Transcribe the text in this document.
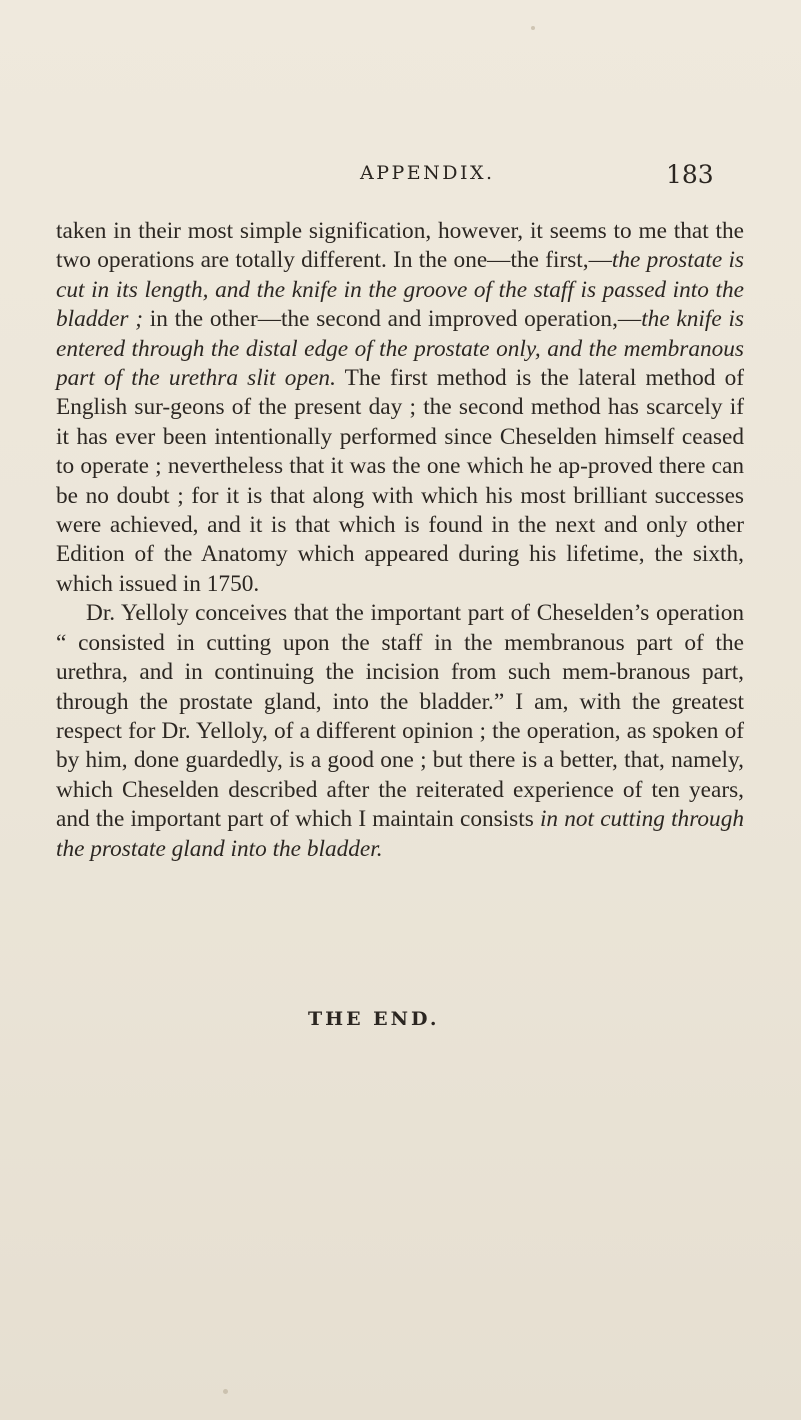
APPENDIX.	183

taken in their most simple signification, however, it seems to me that the two operations are totally different. In the one—the first,—the prostate is cut in its length, and the knife in the groove of the staff is passed into the bladder ; in the other—the second and improved operation,—the knife is entered through the distal edge of the prostate only, and the membranous part of the urethra slit open. The first method is the lateral method of English sur-geons of the present day ; the second method has scarcely if it has ever been intentionally performed since Cheselden himself ceased to operate ; nevertheless that it was the one which he ap-proved there can be no doubt ; for it is that along with which his most brilliant successes were achieved, and it is that which is found in the next and only other Edition of the Anatomy which appeared during his lifetime, the sixth, which issued in 1750.

Dr. Yelloly conceives that the important part of Cheselden’s operation “ consisted in cutting upon the staff in the membranous part of the urethra, and in continuing the incision from such mem-branous part, through the prostate gland, into the bladder.” I am, with the greatest respect for Dr. Yelloly, of a different opinion ; the operation, as spoken of by him, done guardedly, is a good one ; but there is a better, that, namely, which Cheselden described after the reiterated experience of ten years, and the important part of which I maintain consists in not cutting through the prostate gland into the bladder.

THE END.
